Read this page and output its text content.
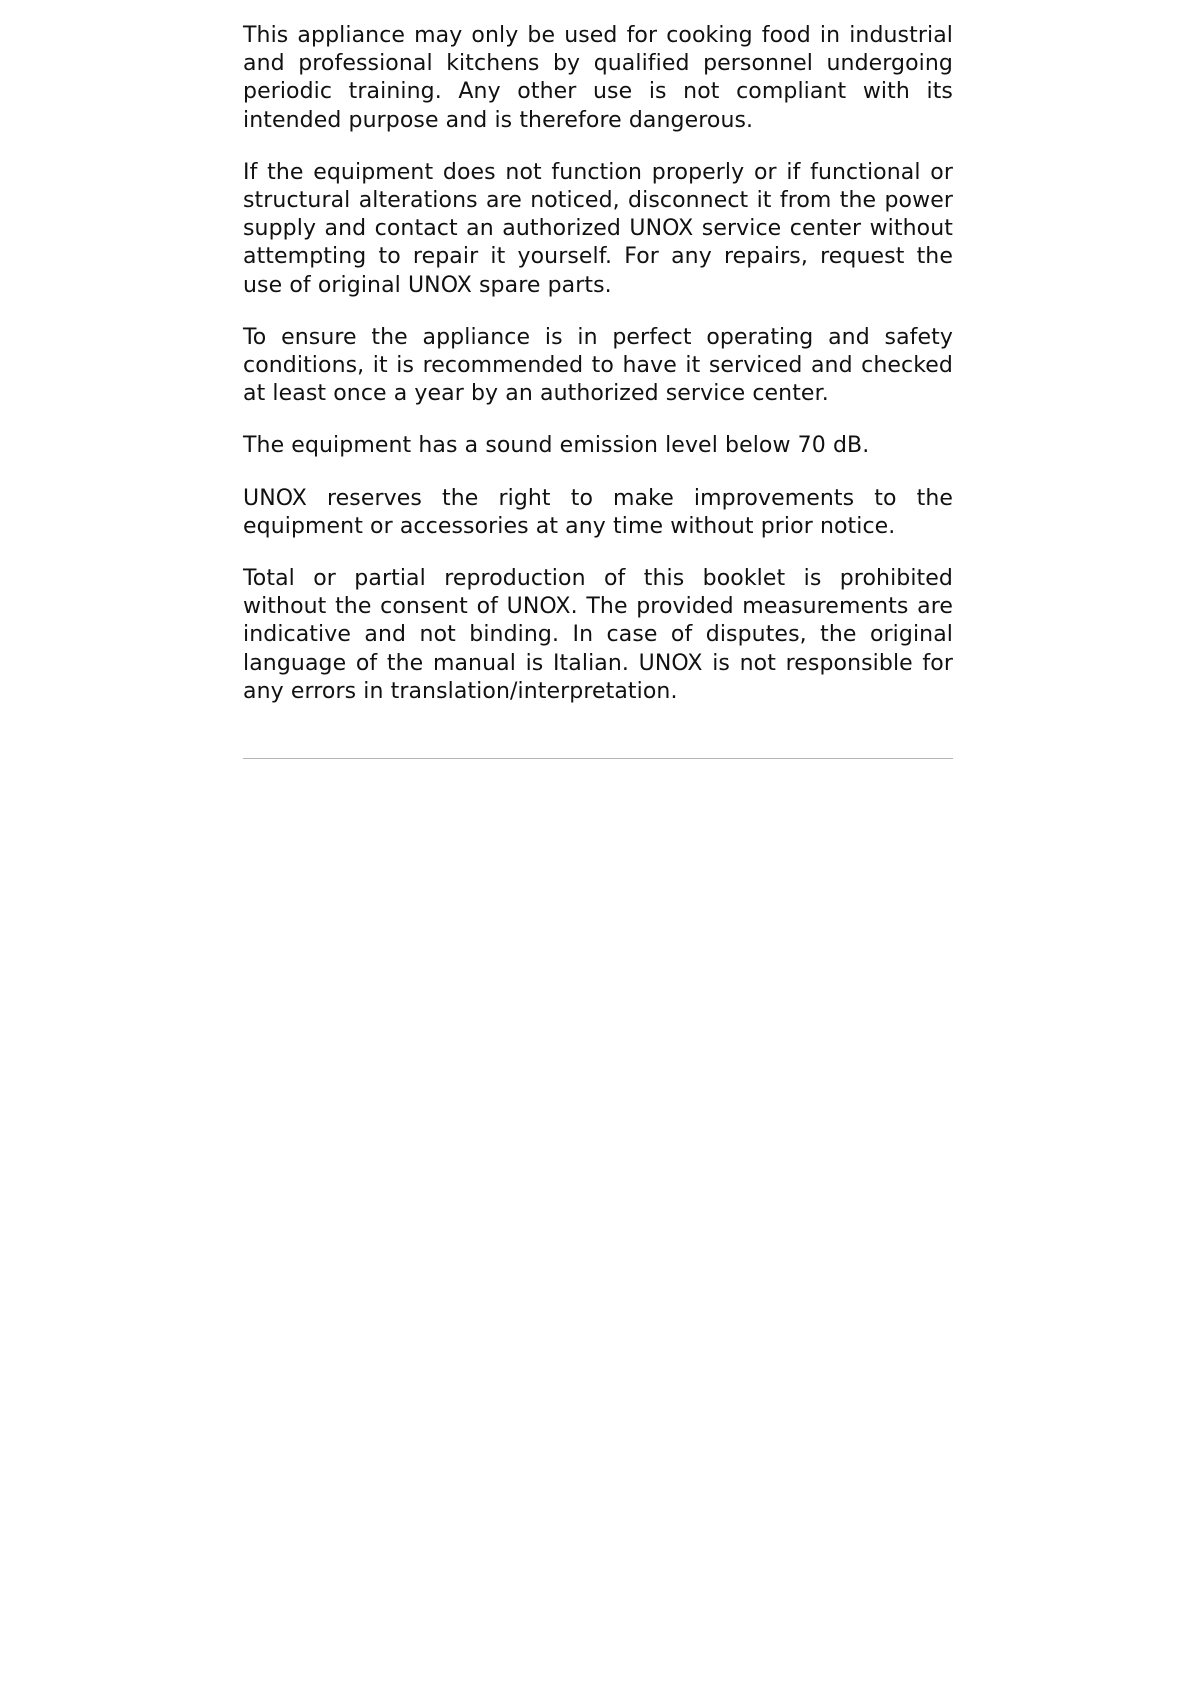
This appliance may only be used for cooking food in industrial and professional kitchens by qualified personnel undergoing periodic training. Any other use is not compliant with its intended purpose and is therefore dangerous.

If the equipment does not function properly or if functional or structural alterations are noticed, disconnect it from the power supply and contact an authorized UNOX service center without attempting to repair it yourself. For any repairs, request the use of original UNOX spare parts.

To ensure the appliance is in perfect operating and safety conditions, it is recommended to have it serviced and checked at least once a year by an authorized service center.

The equipment has a sound emission level below 70 dB.

UNOX reserves the right to make improvements to the equipment or accessories at any time without prior notice.

Total or partial reproduction of this booklet is prohibited without the consent of UNOX. The provided measurements are indicative and not binding. In case of disputes, the original language of the manual is Italian. UNOX is not responsible for any errors in translation/interpretation.
